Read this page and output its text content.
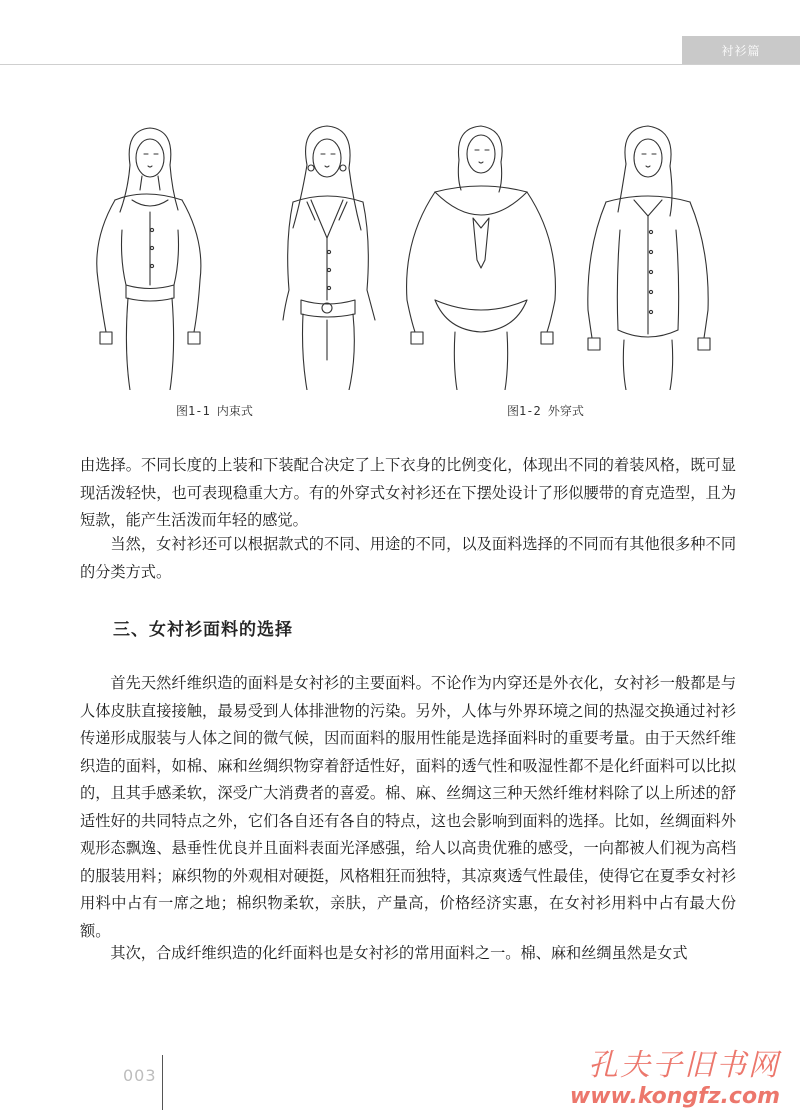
衬衫篇
图1-1 内束式	图1-2 外穿式

由选择。不同长度的上装和下装配合决定了上下衣身的比例变化，体现出不同的着装风格，既可显现活泼轻快，也可表现稳重大方。有的外穿式女衬衫还在下摆处设计了形似腰带的育克造型，且为短款，能产生活泼而年轻的感觉。

当然，女衬衫还可以根据款式的不同、用途的不同，以及面料选择的不同而有其他很多种不同的分类方式。

三、女衬衫面料的选择

首先天然纤维织造的面料是女衬衫的主要面料。不论作为内穿还是外衣化，女衬衫一般都是与人体皮肤直接接触，最易受到人体排泄物的污染。另外，人体与外界环境之间的热湿交换通过衬衫传递形成服装与人体之间的微气候，因而面料的服用性能是选择面料时的重要考量。由于天然纤维织造的面料，如棉、麻和丝绸织物穿着舒适性好，面料的透气性和吸湿性都不是化纤面料可以比拟的，且其手感柔软，深受广大消费者的喜爱。棉、麻、丝绸这三种天然纤维材料除了以上所述的舒适性好的共同特点之外，它们各自还有各自的特点，这也会影响到面料的选择。比如，丝绸面料外观形态飘逸、悬垂性优良并且面料表面光泽感强，给人以高贵优雅的感受，一向都被人们视为高档的服装用料；麻织物的外观相对硬挺，风格粗狂而独特，其凉爽透气性最佳，使得它在夏季女衬衫用料中占有一席之地；棉织物柔软，亲肤，产量高，价格经济实惠，在女衬衫用料中占有最大份额。

其次，合成纤维织造的化纤面料也是女衬衫的常用面料之一。棉、麻和丝绸虽然是女式

003	孔夫子旧书网
www.kongfz.com
